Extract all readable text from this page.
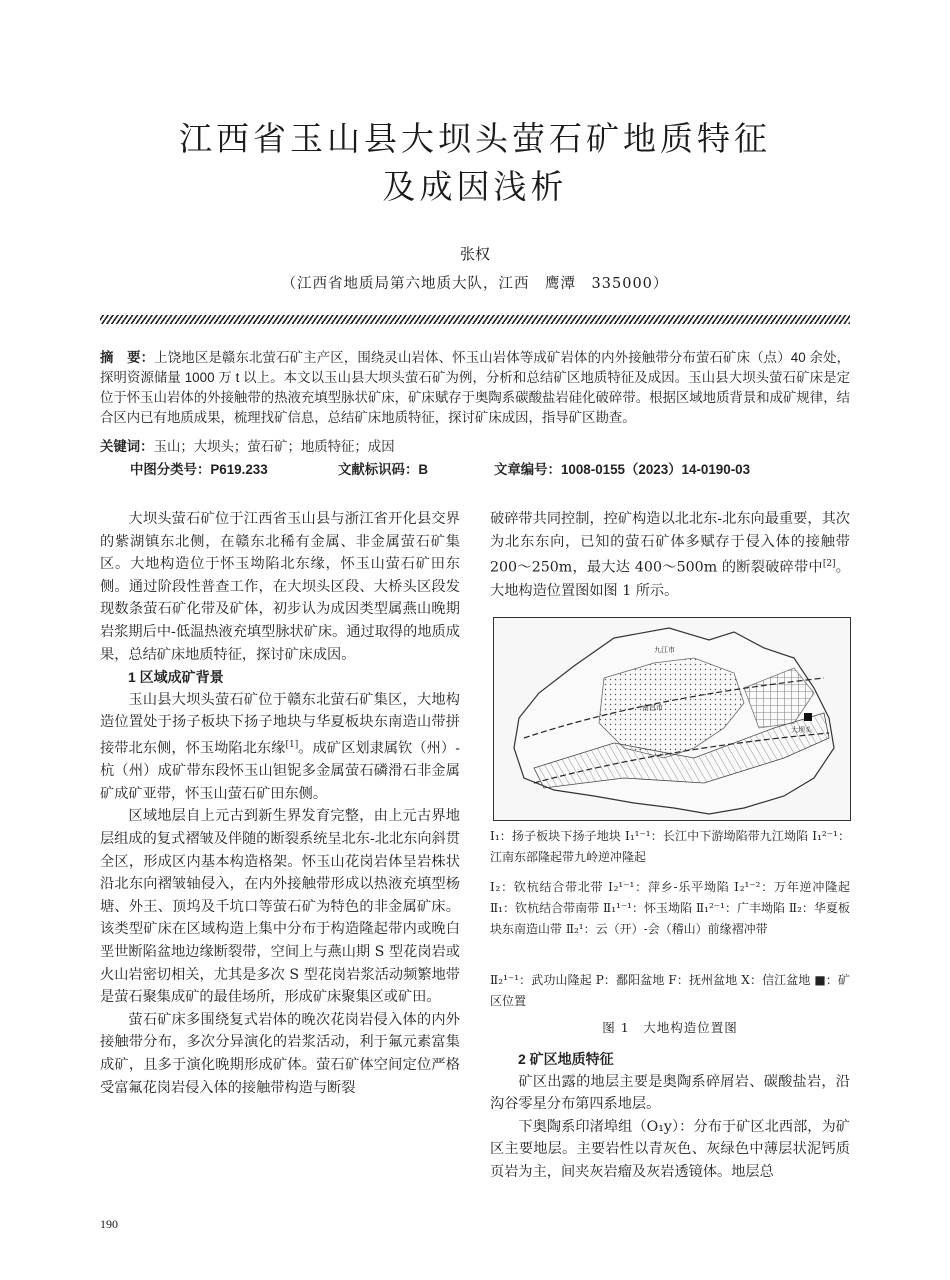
江西省玉山县大坝头萤石矿地质特征
及成因浅析
张权
（江西省地质局第六地质大队，江西　鹰潭　335000）
摘　要：上饶地区是赣东北萤石矿主产区，围绕灵山岩体、怀玉山岩体等成矿岩体的内外接触带分布萤石矿床（点）40 余处，探明资源储量 1000 万 t 以上。本文以玉山县大坝头萤石矿为例，分析和总结矿区地质特征及成因。玉山县大坝头萤石矿床是定位于怀玉山岩体的外接触带的热液充填型脉状矿床，矿床赋存于奥陶系碳酸盐岩硅化破碎带。根据区域地质背景和成矿规律，结合区内已有地质成果，梳理找矿信息，总结矿床地质特征，探讨矿床成因，指导矿区勘查。
关键词：玉山；大坝头；萤石矿；地质特征；成因
中图分类号：P619.233	文献标识码：B	文章编号：1008-0155（2023）14-0190-03

大坝头萤石矿位于江西省玉山县与浙江省开化县交界的紫湖镇东北侧，在赣东北稀有金属、非金属萤石矿集区。大地构造位于怀玉坳陷北东缘，怀玉山萤石矿田东侧。通过阶段性普查工作，在大坝头区段、大桥头区段发现数条萤石矿化带及矿体，初步认为成因类型属燕山晚期岩浆期后中-低温热液充填型脉状矿床。通过取得的地质成果，总结矿床地质特征，探讨矿床成因。

1 区域成矿背景

玉山县大坝头萤石矿位于赣东北萤石矿集区，大地构造位置处于扬子板块下扬子地块与华夏板块东南造山带拼接带北东侧，怀玉坳陷北东缘[1]。成矿区划隶属钦（州）-杭（州）成矿带东段怀玉山钽铌多金属萤石磷滑石非金属矿成矿亚带，怀玉山萤石矿田东侧。

区域地层自上元古到新生界发育完整，由上元古界地层组成的复式褶皱及伴随的断裂系统呈北东-北北东向斜贯全区，形成区内基本构造格架。怀玉山花岗岩体呈岩株状沿北东向褶皱轴侵入，在内外接触带形成以热液充填型杨塘、外王、顶坞及千坑口等萤石矿为特色的非金属矿床。该类型矿床在区域构造上集中分布于构造隆起带内或晚白垩世断陷盆地边缘断裂带，空间上与燕山期 S 型花岗岩或火山岩密切相关，尤其是多次 S 型花岗岩浆活动频繁地带是萤石聚集成矿的最佳场所，形成矿床聚集区或矿田。

萤石矿床多围绕复式岩体的晚次花岗岩侵入体的内外接触带分布，多次分异演化的岩浆活动，利于氟元素富集成矿，且多于演化晚期形成矿体。萤石矿体空间定位严格受富氟花岗岩侵入体的接触带构造与断裂

破碎带共同控制，控矿构造以北北东-北东向最重要，其次为北东东向，已知的萤石矿体多赋存于侵入体的接触带 200～250m，最大达 400～500m 的断裂破碎带中[2]。大地构造位置图如图 1 所示。

大坝头
南昌市
九江市
Ⅰ₁：扬子板块下扬子地块 Ⅰ₁¹⁻¹：长江中下游坳陷带九江坳陷 Ⅰ₁²⁻¹：江南东部隆起带九岭逆冲隆起
Ⅰ₂：钦杭结合带北带 Ⅰ₂¹⁻¹：萍乡-乐平坳陷 Ⅰ₂¹⁻²：万年逆冲隆起 Ⅱ₁：钦杭结合带南带 Ⅱ₁¹⁻¹：怀玉坳陷 Ⅱ₁²⁻¹：广丰坳陷 Ⅱ₂：华夏板块东南造山带 Ⅱ₂¹：云（开）-会（稽山）前缘褶冲带
Ⅱ₂¹⁻¹：武功山隆起 P：鄱阳盆地 F：抚州盆地 X：信江盆地 ■：矿区位置
图 1　大地构造位置图
2 矿区地质特征

矿区出露的地层主要是奥陶系碎屑岩、碳酸盐岩，沿沟谷零星分布第四系地层。

下奥陶系印渚埠组（O₁y）：分布于矿区北西部，为矿区主要地层。主要岩性以青灰色、灰绿色中薄层状泥钙质页岩为主，间夹灰岩瘤及灰岩透镜体。地层总

190
